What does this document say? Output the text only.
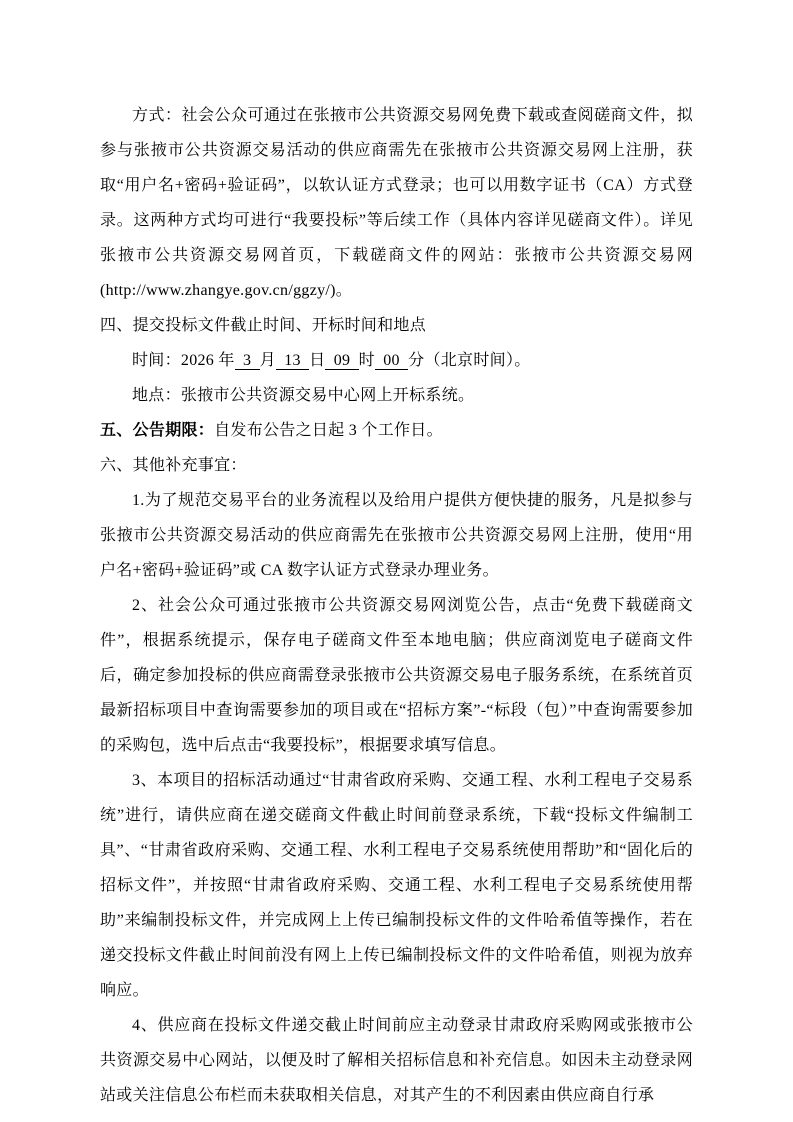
方式：社会公众可通过在张掖市公共资源交易网免费下载或查阅磋商文件，拟参与张掖市公共资源交易活动的供应商需先在张掖市公共资源交易网上注册，获取“用户名+密码+验证码”，以软认证方式登录；也可以用数字证书（CA）方式登录。这两种方式均可进行“我要投标”等后续工作（具体内容详见磋商文件）。详见张掖市公共资源交易网首页，下载磋商文件的网站：张掖市公共资源交易网(http://www.zhangye.gov.cn/ggzy/)。

四、提交投标文件截止时间、开标时间和地点

时间：2026 年 3 月 13 日 09 时 00 分（北京时间）。

地点：张掖市公共资源交易中心网上开标系统。

五、公告期限：自发布公告之日起 3 个工作日。

六、其他补充事宜：

1.为了规范交易平台的业务流程以及给用户提供方便快捷的服务，凡是拟参与张掖市公共资源交易活动的供应商需先在张掖市公共资源交易网上注册，使用“用户名+密码+验证码”或 CA 数字认证方式登录办理业务。

2、社会公众可通过张掖市公共资源交易网浏览公告，点击“免费下载磋商文件”，根据系统提示，保存电子磋商文件至本地电脑；供应商浏览电子磋商文件后，确定参加投标的供应商需登录张掖市公共资源交易电子服务系统，在系统首页最新招标项目中查询需要参加的项目或在“招标方案”-“标段（包）”中查询需要参加的采购包，选中后点击“我要投标”，根据要求填写信息。

3、本项目的招标活动通过“甘肃省政府采购、交通工程、水利工程电子交易系统”进行，请供应商在递交磋商文件截止时间前登录系统，下载“投标文件编制工具”、“甘肃省政府采购、交通工程、水利工程电子交易系统使用帮助”和“固化后的招标文件”，并按照“甘肃省政府采购、交通工程、水利工程电子交易系统使用帮助”来编制投标文件，并完成网上上传已编制投标文件的文件哈希值等操作，若在递交投标文件截止时间前没有网上上传已编制投标文件的文件哈希值，则视为放弃响应。

4、供应商在投标文件递交截止时间前应主动登录甘肃政府采购网或张掖市公共资源交易中心网站，以便及时了解相关招标信息和补充信息。如因未主动登录网站或关注信息公布栏而未获取相关信息，对其产生的不利因素由供应商自行承
